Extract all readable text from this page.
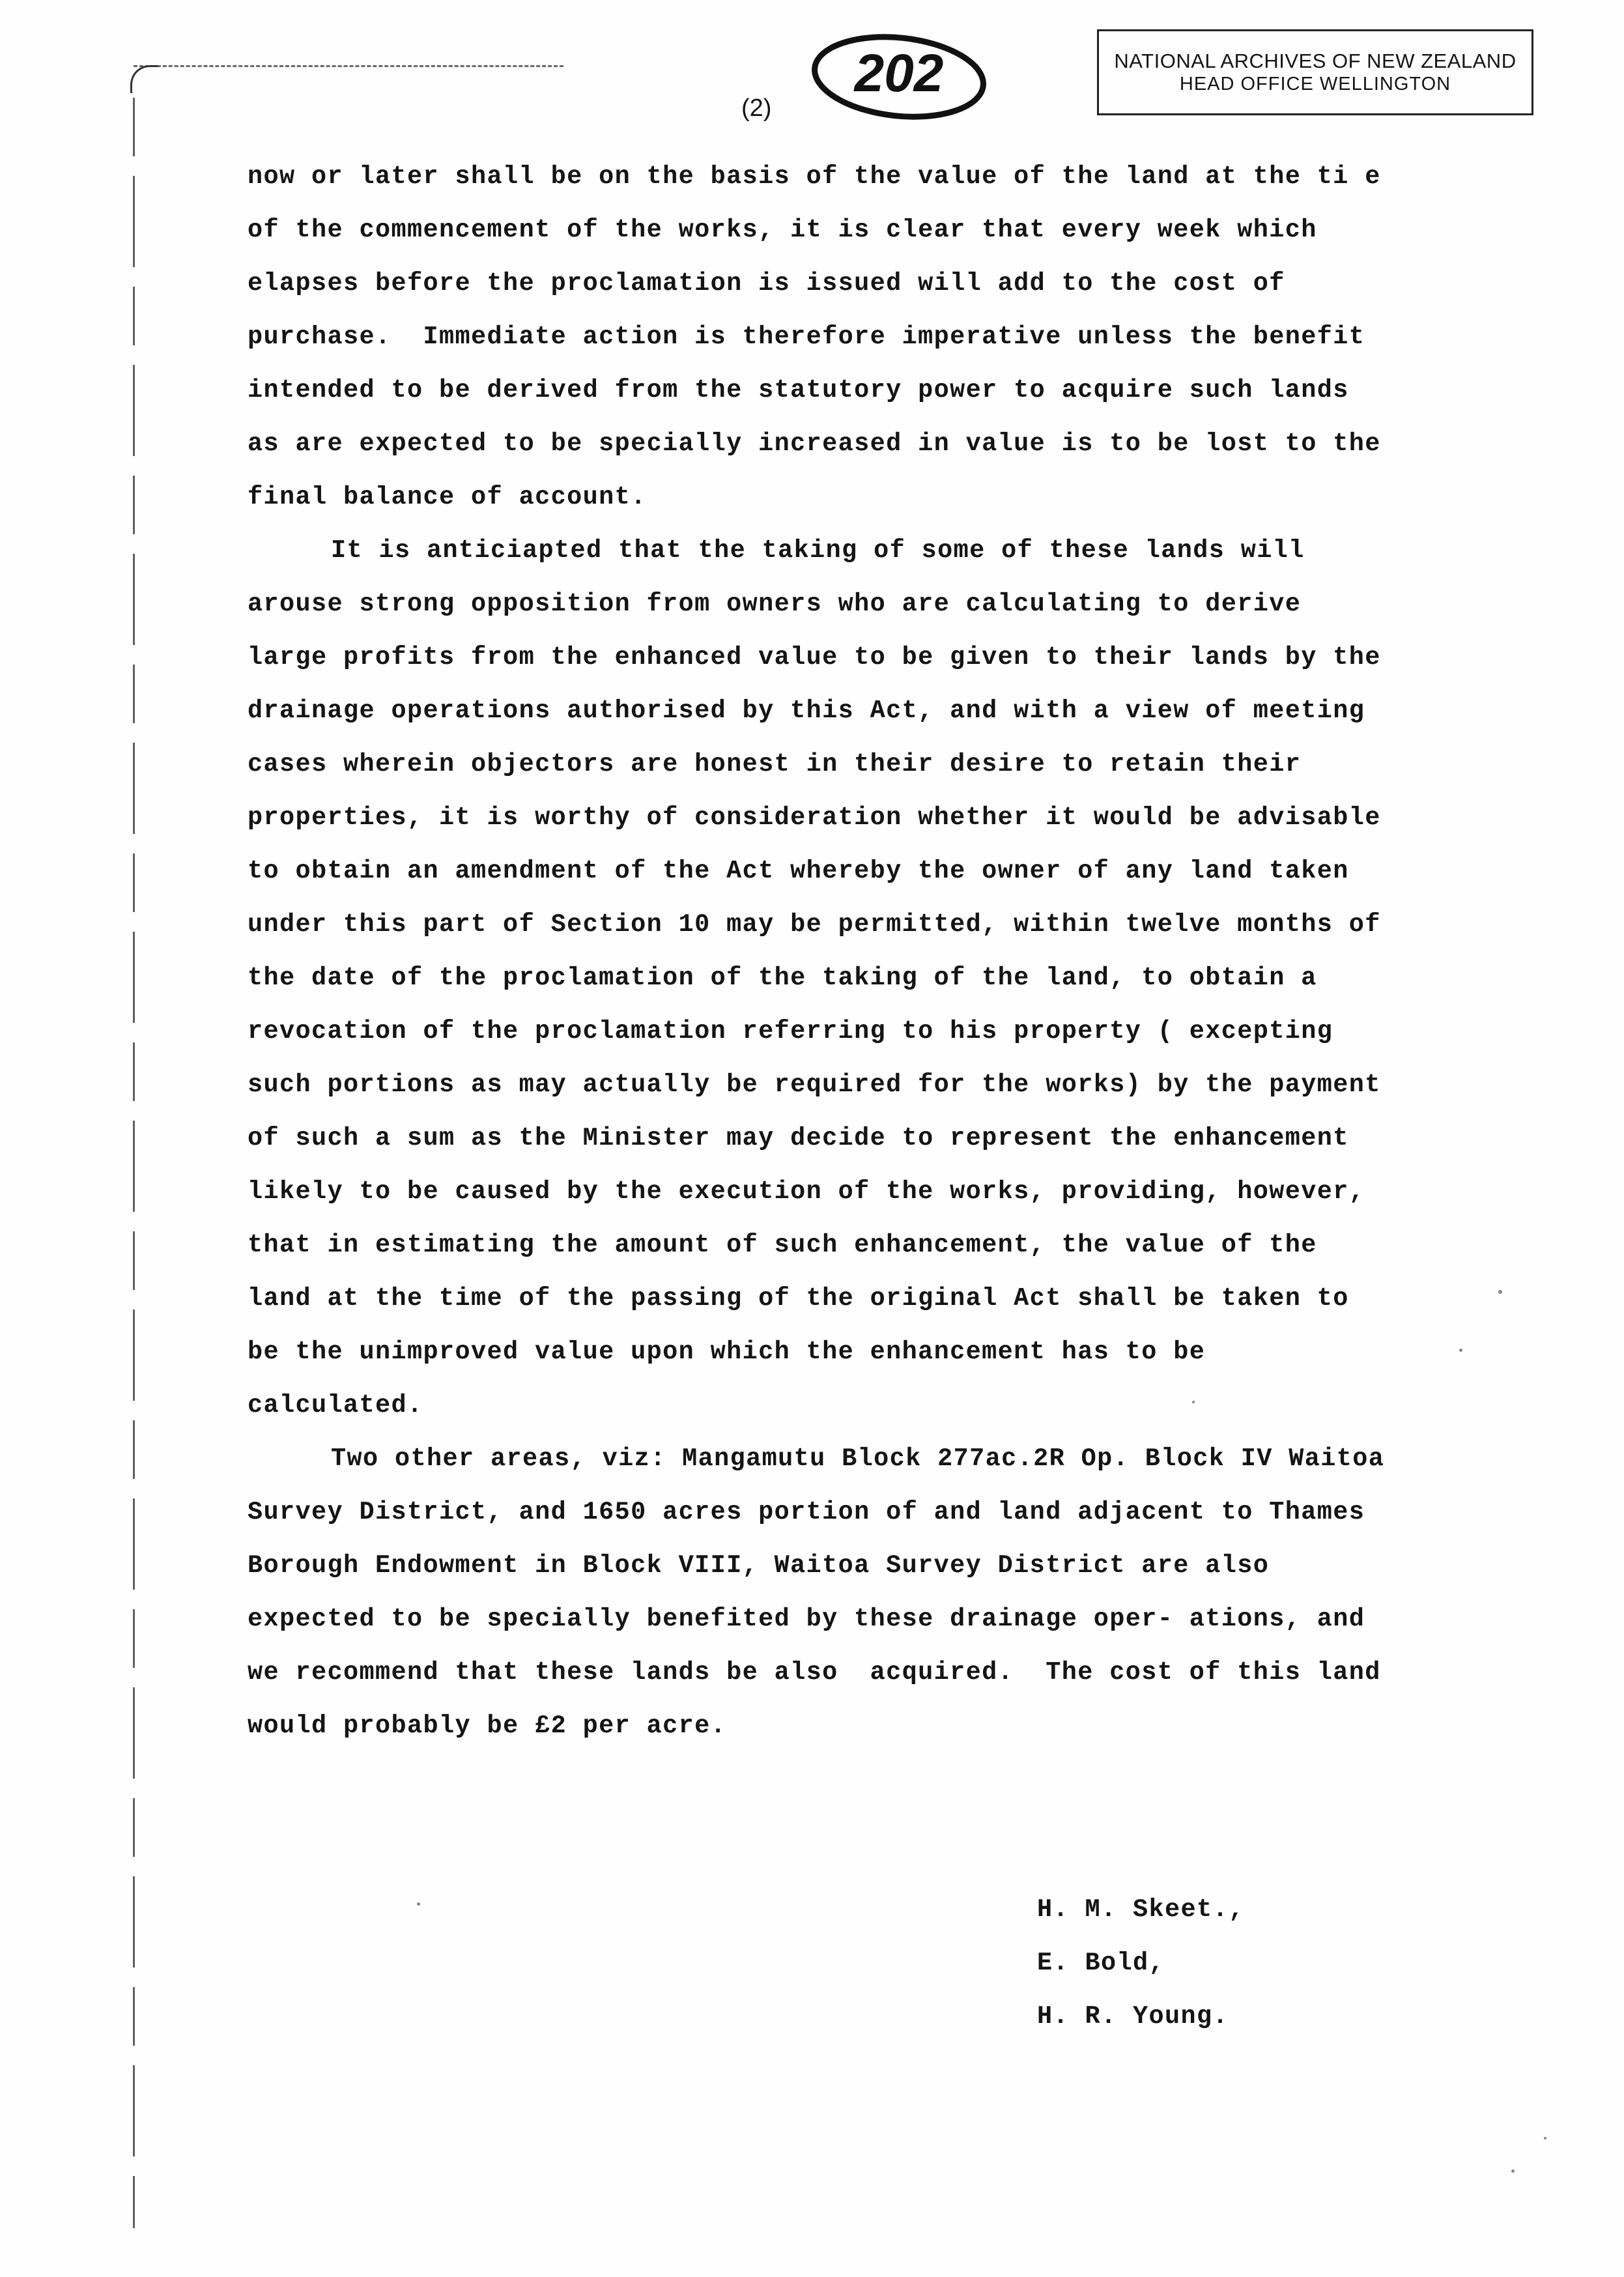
(2)
202	NATIONAL ARCHIVES OF NEW ZEALAND
HEAD OFFICE WELLINGTON

now or later shall be on the basis of the value of the land at the ti e of the commencement of the works, it is clear that every week which elapses before the proclamation is issued will add to the cost of purchase.  Immediate action is therefore imperative unless the benefit intended to be derived from the statutory power to acquire such lands as are expected to be specially increased in value is to be lost to the final balance of account.

It is anticiapted that the taking of some of these lands will arouse strong opposition from owners who are calculating to derive large profits from the enhanced value to be given to their lands by the drainage operations authorised by this Act, and with a view of meeting cases wherein objectors are honest in their desire to retain their properties, it is worthy of consideration whether it would be advisable to obtain an amendment of the Act whereby the owner of any land taken under this part of Section 10 may be permitted, within twelve months of the date of the proclamation of the taking of the land, to obtain a revocation of the proclamation referring to his property ( excepting such portions as may actually be required for the works) by the payment of such a sum as the Minister may decide to represent the enhancement likely to be caused by the execution of the works, providing, however, that in estimating the amount of such enhancement, the value of the land at the time of the passing of the original Act shall be taken to be the unimproved value upon which the enhancement has to be calculated.

Two other areas, viz: Mangamutu Block 277ac.2R Op. Block IV Waitoa Survey District, and 1650 acres portion of and land adjacent to Thames Borough Endowment in Block VIII, Waitoa Survey District are also expected to be specially benefited by these drainage oper- ations, and we recommend that these lands be also  acquired.  The cost of this land would probably be £2 per acre.

H. M. Skeet.,
E. Bold,
H. R. Young.
